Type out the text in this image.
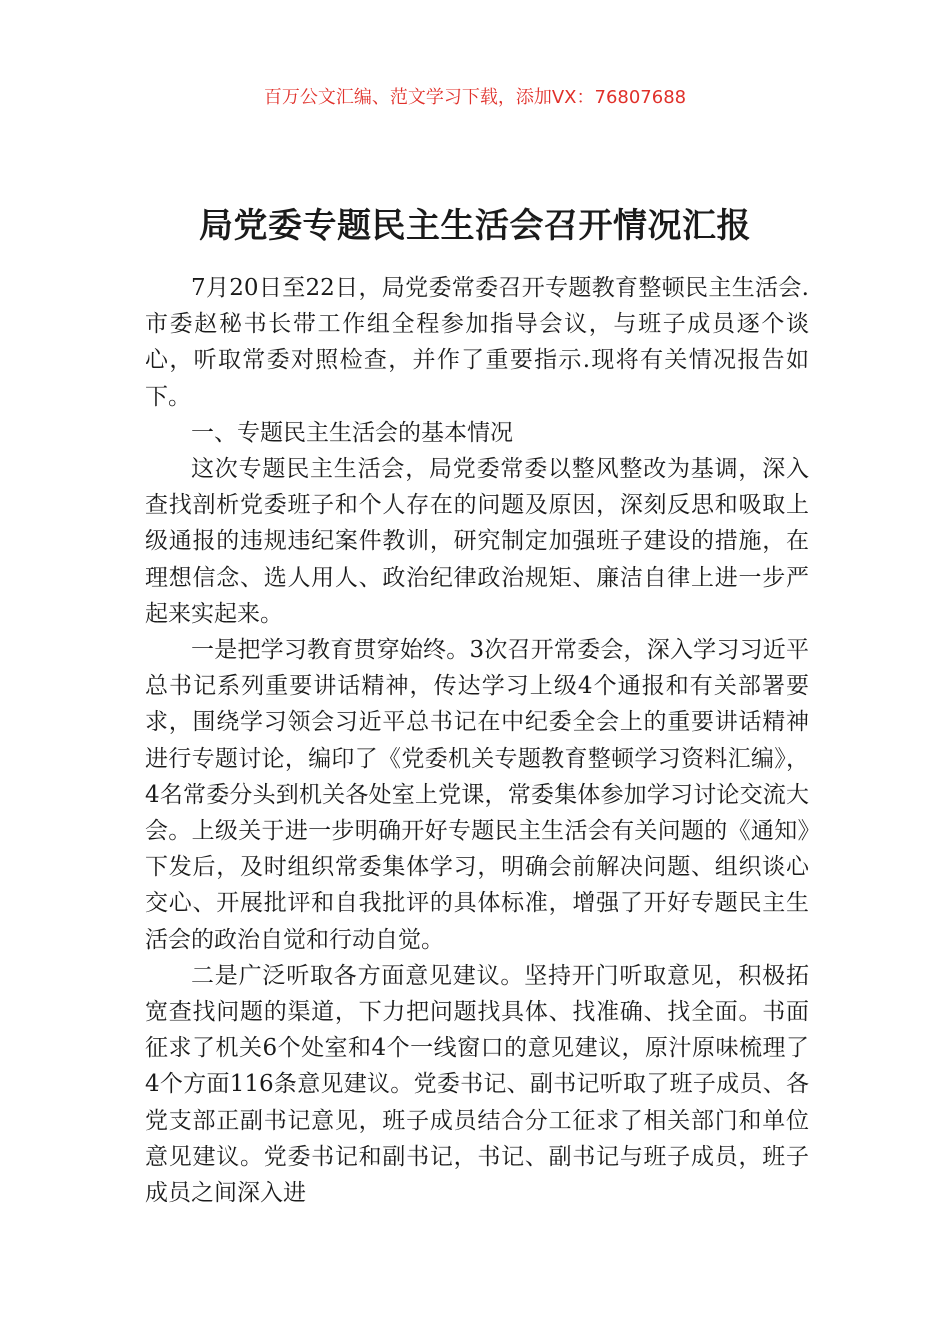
百万公文汇编、范文学习下载，添加VX：76807688
局党委专题民主生活会召开情况汇报

7月20日至22日，局党委常委召开专题教育整顿民主生活会.市委赵秘书长带工作组全程参加指导会议，与班子成员逐个谈心，听取常委对照检查，并作了重要指示.现将有关情况报告如下。

一、专题民主生活会的基本情况

这次专题民主生活会，局党委常委以整风整改为基调，深入查找剖析党委班子和个人存在的问题及原因，深刻反思和吸取上级通报的违规违纪案件教训，研究制定加强班子建设的措施，在理想信念、选人用人、政治纪律政治规矩、廉洁自律上进一步严起来实起来。

一是把学习教育贯穿始终。3次召开常委会，深入学习习近平总书记系列重要讲话精神，传达学习上级4个通报和有关部署要求，围绕学习领会习近平总书记在中纪委全会上的重要讲话精神进行专题讨论，编印了《党委机关专题教育整顿学习资料汇编》，4名常委分头到机关各处室上党课，常委集体参加学习讨论交流大会。上级关于进一步明确开好专题民主生活会有关问题的《通知》下发后，及时组织常委集体学习，明确会前解决问题、组织谈心交心、开展批评和自我批评的具体标准，增强了开好专题民主生活会的政治自觉和行动自觉。

二是广泛听取各方面意见建议。坚持开门听取意见，积极拓宽查找问题的渠道，下力把问题找具体、找准确、找全面。书面征求了机关6个处室和4个一线窗口的意见建议，原汁原味梳理了4个方面116条意见建议。党委书记、副书记听取了班子成员、各党支部正副书记意见，班子成员结合分工征求了相关部门和单位意见建议。党委书记和副书记，书记、副书记与班子成员，班子成员之间深入进
